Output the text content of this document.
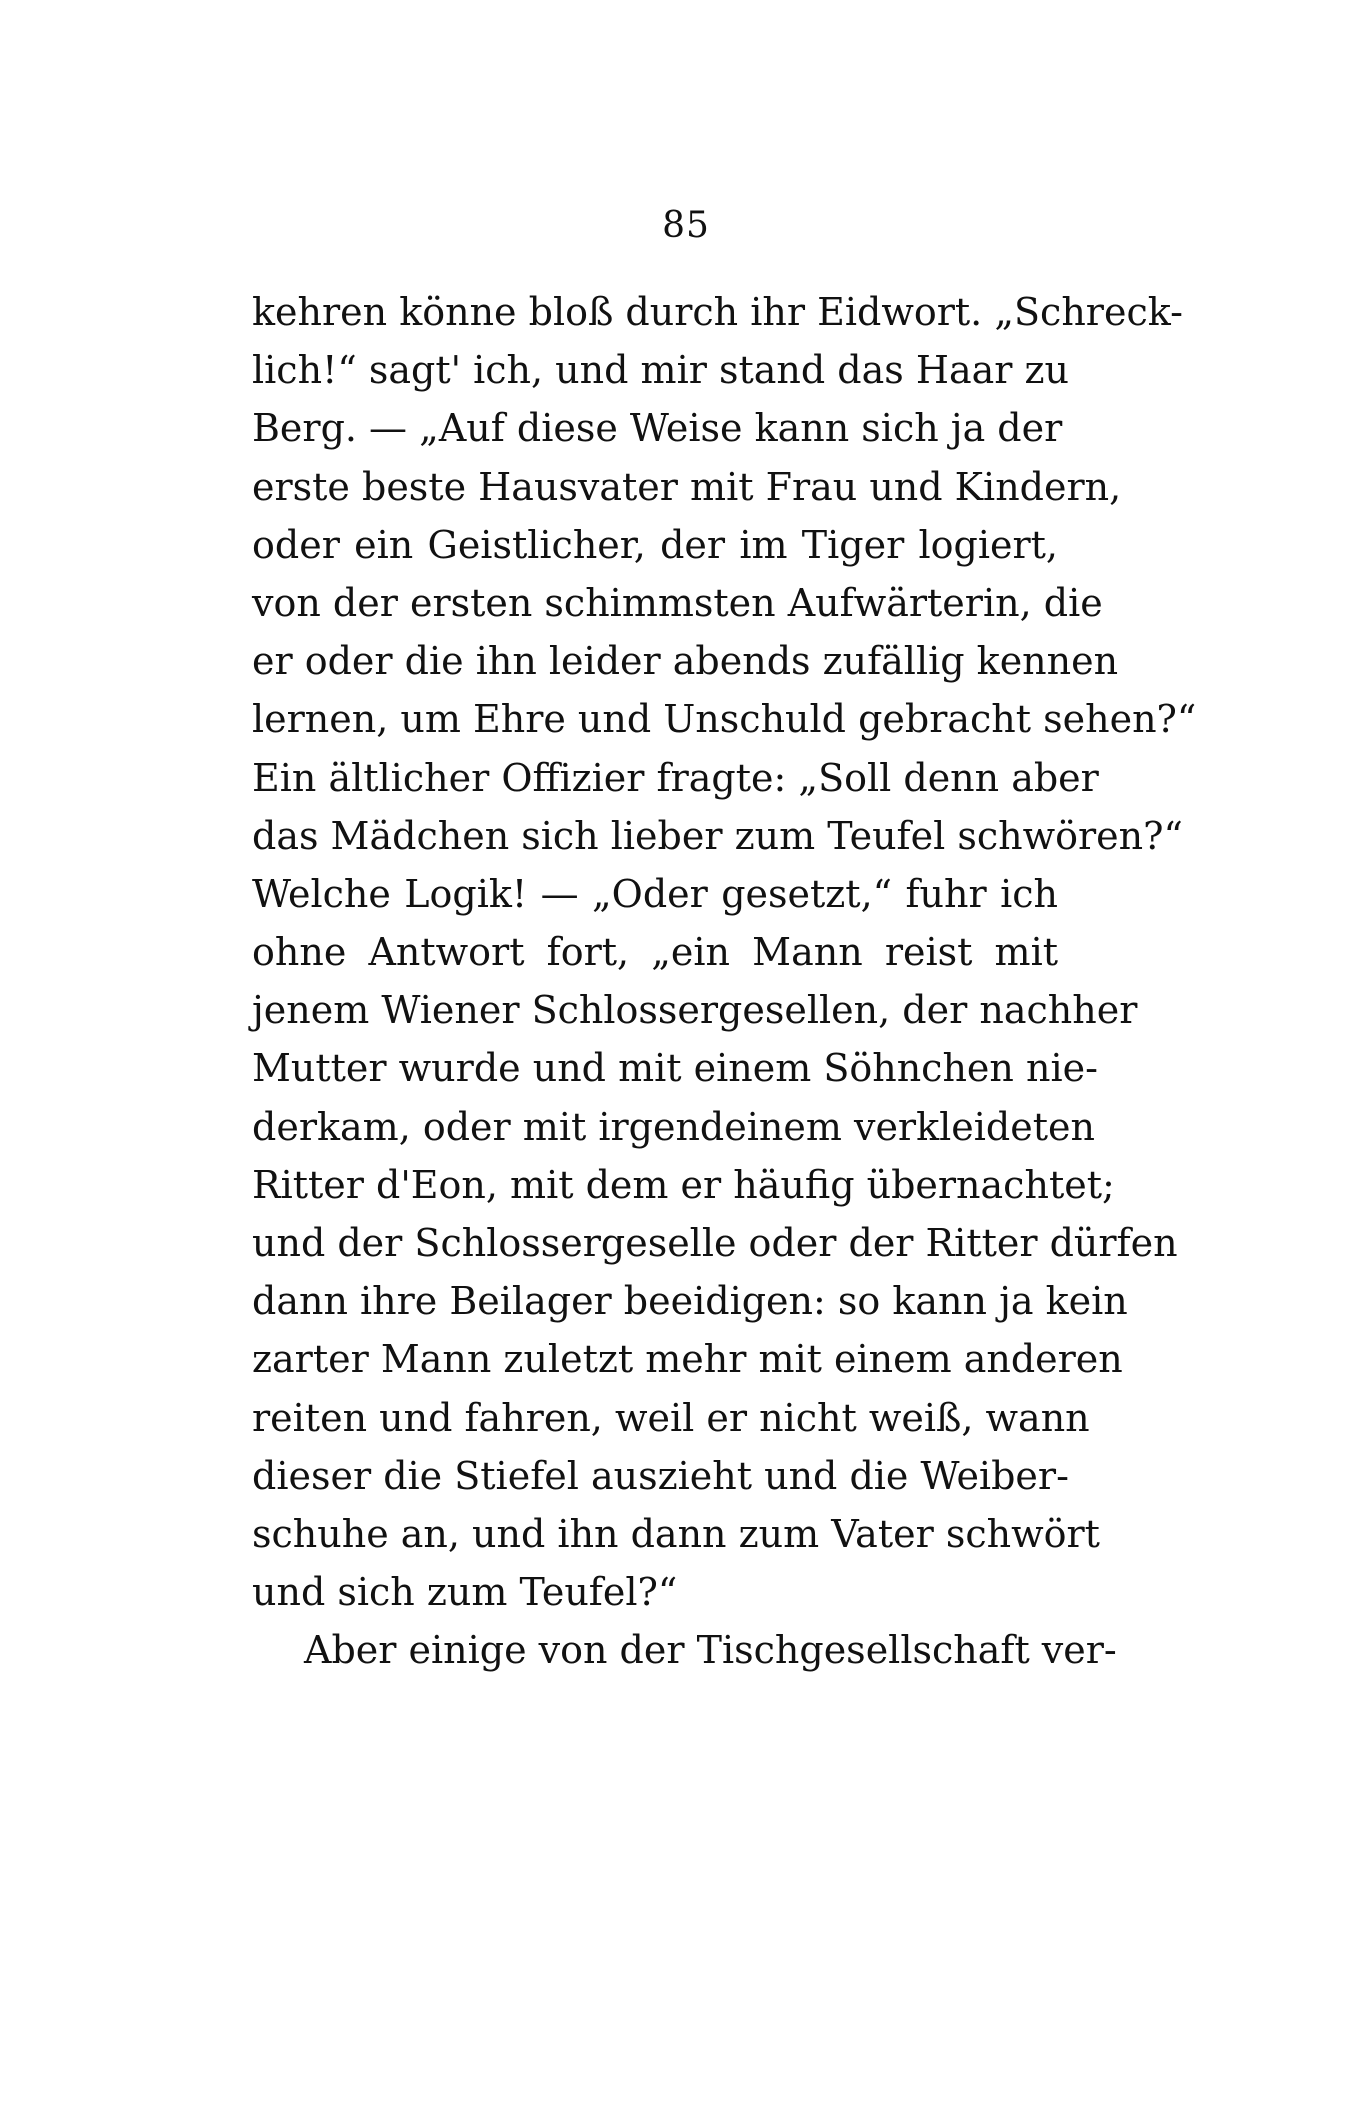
85
kehren könne bloß durch ihr Eidwort. „Schreck-
lich!“ sagt' ich, und mir stand das Haar zu
Berg. — „Auf diese Weise kann sich ja der
erste beste Hausvater mit Frau und Kindern,
oder ein Geistlicher, der im Tiger logiert,
von der ersten schimmsten Aufwärterin, die
er oder die ihn leider abends zufällig kennen
lernen, um Ehre und Unschuld gebracht sehen?“
Ein ältlicher Offizier fragte: „Soll denn aber
das Mädchen sich lieber zum Teufel schwören?“
Welche Logik! — „Oder gesetzt,“ fuhr ich
ohne Antwort fort, „ein Mann reist mit
jenem Wiener Schlossergesellen, der nachher
Mutter wurde und mit einem Söhnchen nie-
derkam, oder mit irgendeinem verkleideten
Ritter d'Eon, mit dem er häufig übernachtet;
und der Schlossergeselle oder der Ritter dürfen
dann ihre Beilager beeidigen: so kann ja kein
zarter Mann zuletzt mehr mit einem anderen
reiten und fahren, weil er nicht weiß, wann
dieser die Stiefel auszieht und die Weiber-
schuhe an, und ihn dann zum Vater schwört
und sich zum Teufel?“
Aber einige von der Tischgesellschaft ver-
